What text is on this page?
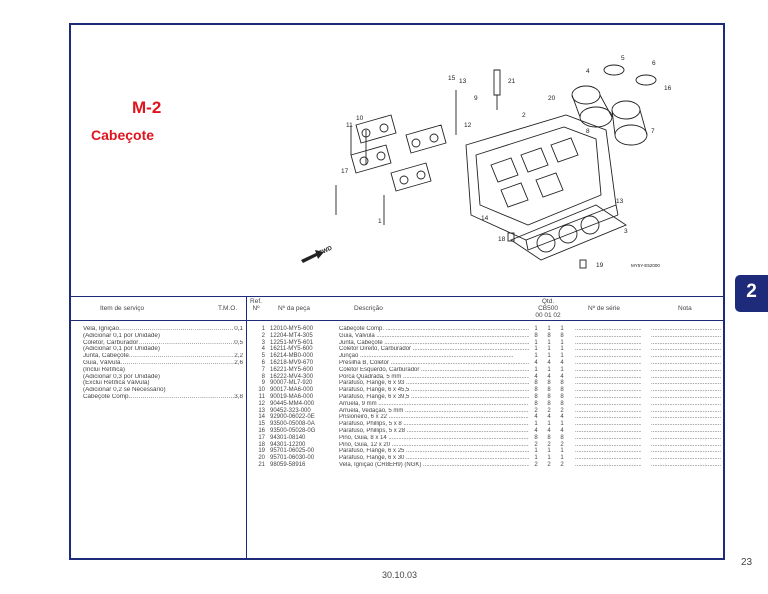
M-2
Cabeçote
15 13
9
21
20
12
4
5
6
16
11
10
7
2
1
8
17
14
3
18
19
13
FWD
MY5Y-E52000
Item de serviço	T.M.O.
Ref. Nº	Nº da peça	Descrição
Qtd.
CB500
00 01 02
Nº de série	Nota
Vela, Ignição .....	0,1
(Adicionar 0,1 por Unidade)
Coletor, Carburador .....	0,5
(Adicionar 0,1 por Unidade)
Junta, Cabeçote .....	2,2
Guia, Válvula .....	2,6
(Inclui Retífica)
(Adicionar 0,3 por Unidade)
(Exclui Retífica Válvula)
(Adicionar 0,2 se Necessário)
Cabeçote Comp. .....	3,8
1 12010-MY5-600	Cabeçote Comp. .....	1 1 1
.....
.....
2 12204-MT4-305	Guia, Válvula .....	8 8 8
.....
.....
3 12251-MY5-601	Junta, Cabeçote .....	1 1 1
.....
.....
4 16211-MY5-600	Coletor Direito, Carburador .....	1 1 1
.....
.....
5 16214-MB0-000	Junção .....	1 1 1
.....
.....
6 16218-MV9-670	Presilha B, Coletor .....	4 4 4
.....
.....
7 16221-MY5-600	Coletor Esquerdo, Carburador .....	1 1 1
.....
.....
8 16222-MV4-300	Porca Quadrada, 5 mm .....	4 4 4
.....
.....
9 90007-ML7-920	Parafuso, Flange, 6 x 93 .....	8 8 8
.....
.....
10 90017-MA6-000	Parafuso, Flange, 6 x 45,5 .....	8 8 8
.....
.....
11 90019-MA6-000	Parafuso, Flange, 6 x 39,5 .....	8 8 8
.....
.....
12 90445-MM4-000	Arruela, 9 mm .....	8 8 8
.....
.....
13 90452-323-000	Arruela, Vedação, 5 mm .....	2 2 2
.....
.....
14 92900-06022-0E	Prisioneiro, 6 x 22 .....	4 4 4
.....
.....
15 93500-05008-0A	Parafuso, Phillips, 5 x 8 .....	1 1 1
.....
.....
16 93500-05028-0G	Parafuso, Phillips, 5 x 28 .....	4 4 4
.....
.....
17 94301-08140	Pino, Guia, 8 x 14 .....	8 8 8
.....
.....
18 94301-12200	Pino, Guia, 12 x 20 .....	2 2 2
.....
.....
19 95701-06025-00	Parafuso, Flange, 6 x 25 .....	1 1 1
.....
.....
20 95701-06030-00	Parafuso, Flange, 6 x 30 .....	1 1 1
.....
.....
21 98059-58916	Vela, Ignição (CR8EH9) (NGK) .....	2 2 2
.....
.....
2
23
30.10.03
